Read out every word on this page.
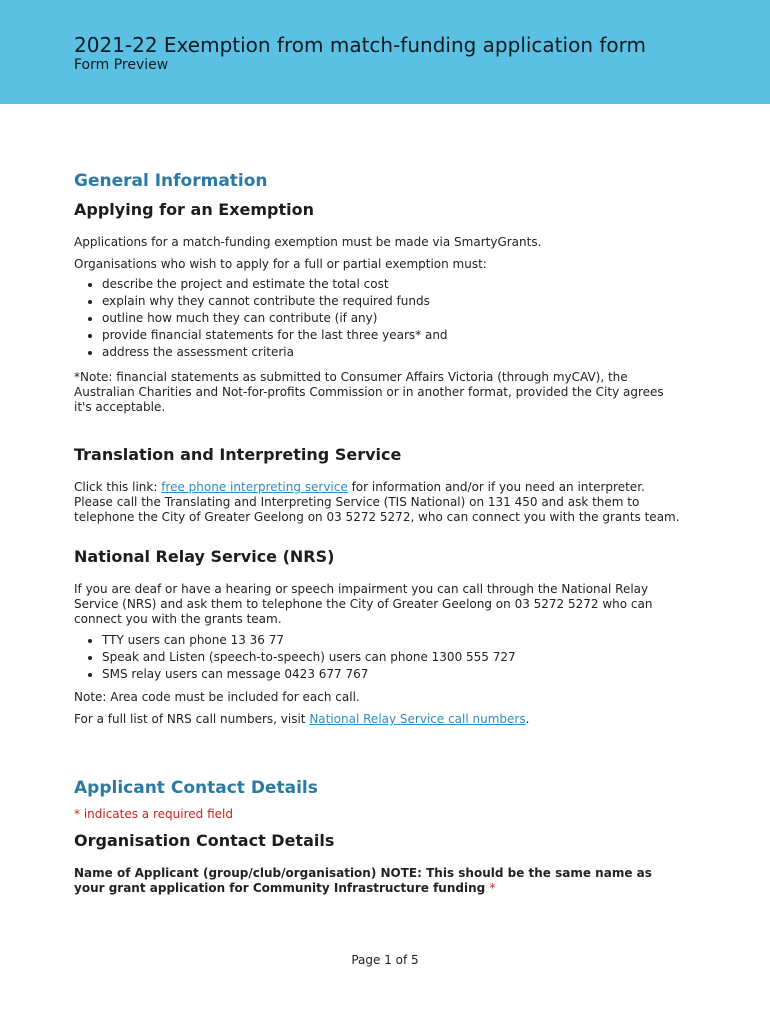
2021-22 Exemption from match-funding application form
Form Preview
General Information
Applying for an Exemption

Applications for a match-funding exemption must be made via SmartyGrants.

Organisations who wish to apply for a full or partial exemption must:

• describe the project and estimate the total cost
• explain why they cannot contribute the required funds
• outline how much they can contribute (if any)
• provide financial statements for the last three years* and
• address the assessment criteria

*Note: financial statements as submitted to Consumer Affairs Victoria (through myCAV), the Australian Charities and Not-for-profits Commission or in another format, provided the City agrees it's acceptable.

Translation and Interpreting Service

Click this link: free phone interpreting service for information and/or if you need an interpreter. Please call the Translating and Interpreting Service (TIS National) on 131 450 and ask them to telephone the City of Greater Geelong on 03 5272 5272, who can connect you with the grants team.

National Relay Service (NRS)

If you are deaf or have a hearing or speech impairment you can call through the National Relay Service (NRS) and ask them to telephone the City of Greater Geelong on 03 5272 5272 who can connect you with the grants team.

• TTY users can phone 13 36 77
• Speak and Listen (speech-to-speech) users can phone 1300 555 727
• SMS relay users can message 0423 677 767

Note: Area code must be included for each call.

For a full list of NRS call numbers, visit National Relay Service call numbers.

Applicant Contact Details

* indicates a required field

Organisation Contact Details

Name of Applicant (group/club/organisation) NOTE: This should be the same name as your grant application for Community Infrastructure funding *

Page 1 of 5
